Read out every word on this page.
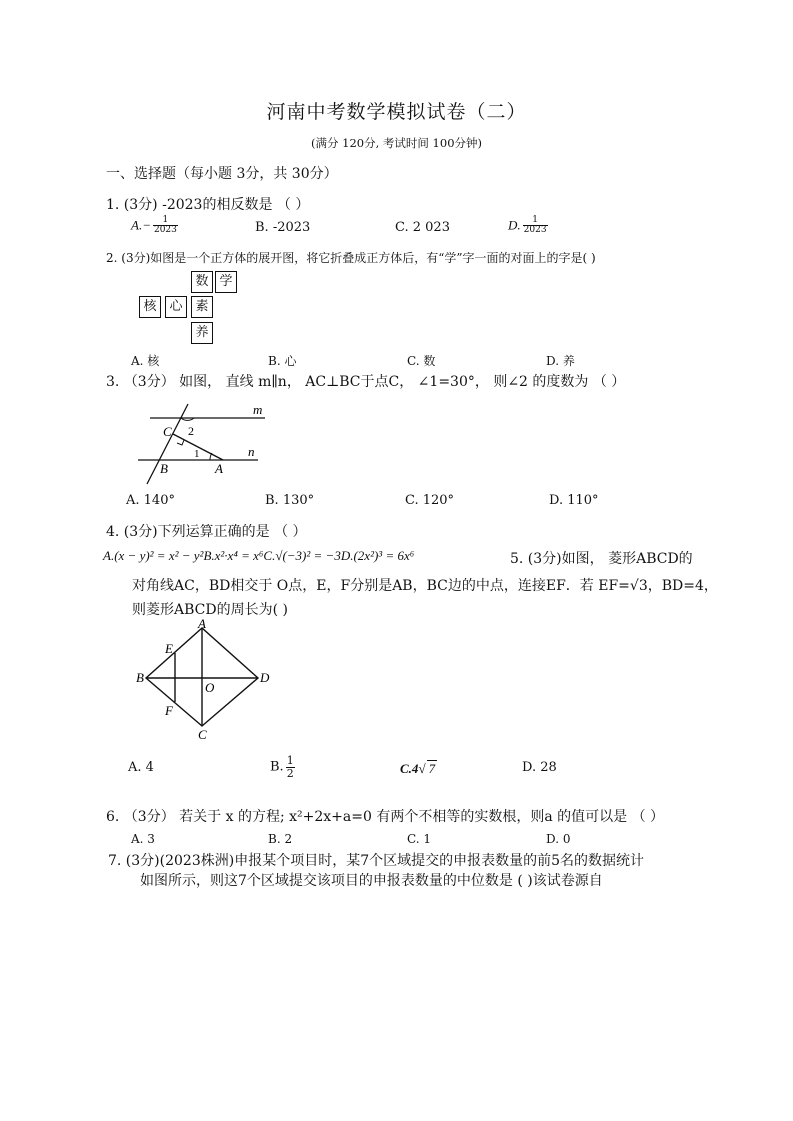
河南中考数学模拟试卷（二）
(满分 120分, 考试时间 100分钟)
一、选择题（每小题 3分，共 30分）
1. (3分) -2023的相反数是 （ ）
$A.- \frac{1}{2023}$	B. -2023	C. 2 023	D. $\frac{1}{2023}$
2. (3分)如图是一个正方体的展开图，将它折叠成正方体后，有“学”字一面的对面上的字是( )
数 学
核 心 素
养
A. 核	B. 心	C. 数	D. 养
3. （3分） 如图， 直线 m∥n， AC⊥BC于点C， ∠1=30°， 则∠2 的度数为 （ ）
m
n
C 2
1
B	A
A. 140°	B. 130°	C. 120°	D. 110°
4. (3分)下列运算正确的是 （ ）
A.(x − y)² = x² − y²B.x²·x⁴ = x⁶C.√(−3)² = −3D.(2x²)³ = 6x⁶	5. (3分)如图， 菱形ABCD的
对角线AC，BD相交于 O点，E，F分别是AB，BC边的中点，连接EF．若 EF=√3，BD=4，
则菱形ABCD的周长为( )
A
B
C
D
E
F
O
A. 4	B. $\frac{1}{2}$	C.4√ 7	D. 28
6. （3分） 若关于 x 的方程; x²+2x+a=0 有两个不相等的实数根，则a 的值可以是 （ ）
A. 3	B. 2	C. 1	D. 0
7. (3分)(2023株洲)申报某个项目时，某7个区域提交的申报表数量的前5名的数据统计
如图所示，则这7个区域提交该项目的申报表数量的中位数是 ( )该试卷源自
